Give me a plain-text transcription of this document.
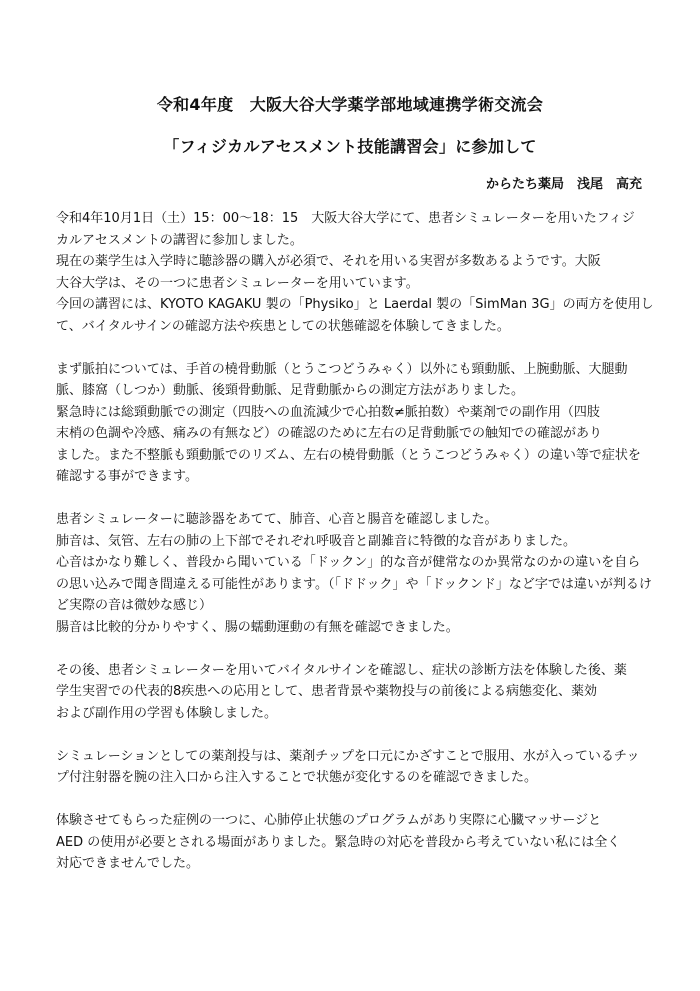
令和4年度　大阪大谷大学薬学部地域連携学術交流会
「フィジカルアセスメント技能講習会」に参加して
からたち薬局　浅尾　高充
令和4年10月1日（土）15：00～18：15　大阪大谷大学にて、患者シミュレーターを用いたフィジ
カルアセスメントの講習に参加しました。
現在の薬学生は入学時に聴診器の購入が必須で、それを用いる実習が多数あるようです。大阪
大谷大学は、その一つに患者シミュレーターを用いています。
今回の講習には、KYOTO KAGAKU 製の「Physiko」と Laerdal 製の「SimMan 3G」の両方を使用し
て、バイタルサインの確認方法や疾患としての状態確認を体験してきました。
まず脈拍については、手首の橈骨動脈（とうこつどうみゃく）以外にも頸動脈、上腕動脈、大腿動
脈、膝窩（しつか）動脈、後頸骨動脈、足背動脈からの測定方法がありました。
緊急時には総頸動脈での測定（四肢への血流減少で心拍数≠脈拍数）や薬剤での副作用（四肢
末梢の色調や冷感、痛みの有無など）の確認のために左右の足背動脈での触知での確認があり
ました。また不整脈も頸動脈でのリズム、左右の橈骨動脈（とうこつどうみゃく）の違い等で症状を
確認する事ができます。
患者シミュレーターに聴診器をあてて、肺音、心音と腸音を確認しました。
肺音は、気管、左右の肺の上下部でそれぞれ呼吸音と副雑音に特徴的な音がありました。
心音はかなり難しく、普段から聞いている「ドックン」的な音が健常なのか異常なのかの違いを自ら
の思い込みで聞き間違える可能性があります。（「ドドック」や「ドックンド」など字では違いが判るけ
ど実際の音は微妙な感じ）
腸音は比較的分かりやすく、腸の蠕動運動の有無を確認できました。
その後、患者シミュレーターを用いてバイタルサインを確認し、症状の診断方法を体験した後、薬
学生実習での代表的8疾患への応用として、患者背景や薬物投与の前後による病態変化、薬効
および副作用の学習も体験しました。
シミュレーションとしての薬剤投与は、薬剤チップを口元にかざすことで服用、水が入っているチッ
プ付注射器を腕の注入口から注入することで状態が変化するのを確認できました。
体験させてもらった症例の一つに、心肺停止状態のプログラムがあり実際に心臓マッサージと
AED の使用が必要とされる場面がありました。緊急時の対応を普段から考えていない私には全く
対応できませんでした。
